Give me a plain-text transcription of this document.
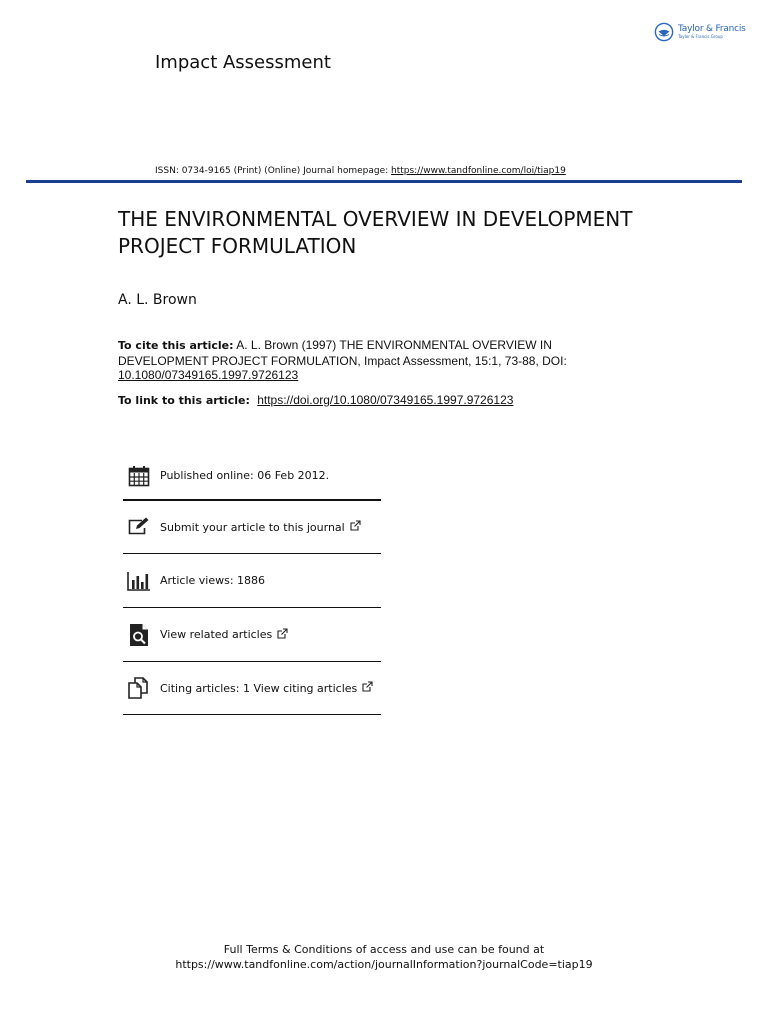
Taylor & Francis
Taylor & Francis Group
Impact Assessment
ISSN: 0734-9165 (Print) (Online) Journal homepage: https://www.tandfonline.com/loi/tiap19
THE ENVIRONMENTAL OVERVIEW IN DEVELOPMENT PROJECT FORMULATION
A. L. Brown
To cite this article: A. L. Brown (1997) THE ENVIRONMENTAL OVERVIEW IN DEVELOPMENT PROJECT FORMULATION, Impact Assessment, 15:1, 73-88, DOI: 10.1080/07349165.1997.9726123
To link to this article: https://doi.org/10.1080/07349165.1997.9726123
Published online: 06 Feb 2012.
Submit your article to this journal
Article views: 1886
View related articles
Citing articles: 1 View citing articles
Full Terms & Conditions of access and use can be found at
https://www.tandfonline.com/action/journalInformation?journalCode=tiap19
